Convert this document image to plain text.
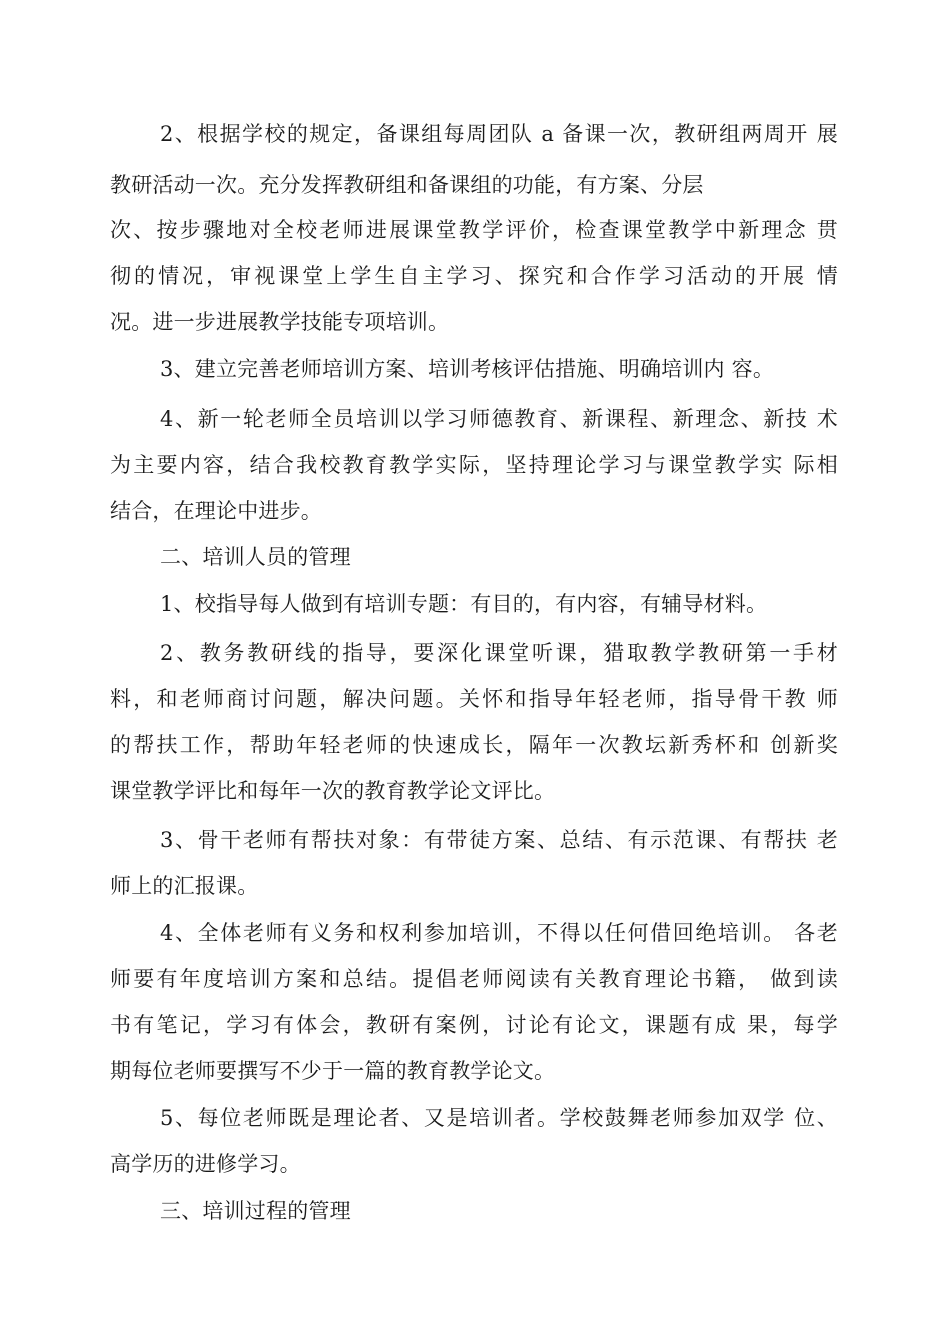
2、根据学校的规定，备课组每周团队 a 备课一次，教研组两周开 展
教研活动一次。充分发挥教研组和备课组的功能，有方案、分层
次、按步骤地对全校老师进展课堂教学评价，检查课堂教学中新理念 贯
彻的情况，审视课堂上学生自主学习、探究和合作学习活动的开展 情
况。进一步进展教学技能专项培训。
3、建立完善老师培训方案、培训考核评估措施、明确培训内 容。
4、新一轮老师全员培训以学习师德教育、新课程、新理念、新技 术
为主要内容，结合我校教育教学实际，坚持理论学习与课堂教学实 际相
结合，在理论中进步。
二、培训人员的管理
1、校指导每人做到有培训专题：有目的，有内容，有辅导材料。
2、教务教研线的指导，要深化课堂听课，猎取教学教研第一手材
料，和老师商讨问题，解决问题。关怀和指导年轻老师，指导骨干教 师
的帮扶工作，帮助年轻老师的快速成长，隔年一次教坛新秀杯和 创新奖
课堂教学评比和每年一次的教育教学论文评比。
3、骨干老师有帮扶对象：有带徒方案、总结、有示范课、有帮扶 老
师上的汇报课。
4、全体老师有义务和权利参加培训，不得以任何借回绝培训。 各老
师要有年度培训方案和总结。提倡老师阅读有关教育理论书籍， 做到读
书有笔记，学习有体会，教研有案例，讨论有论文，课题有成 果，每学
期每位老师要撰写不少于一篇的教育教学论文。
5、每位老师既是理论者、又是培训者。学校鼓舞老师参加双学 位、
高学历的进修学习。
三、培训过程的管理
